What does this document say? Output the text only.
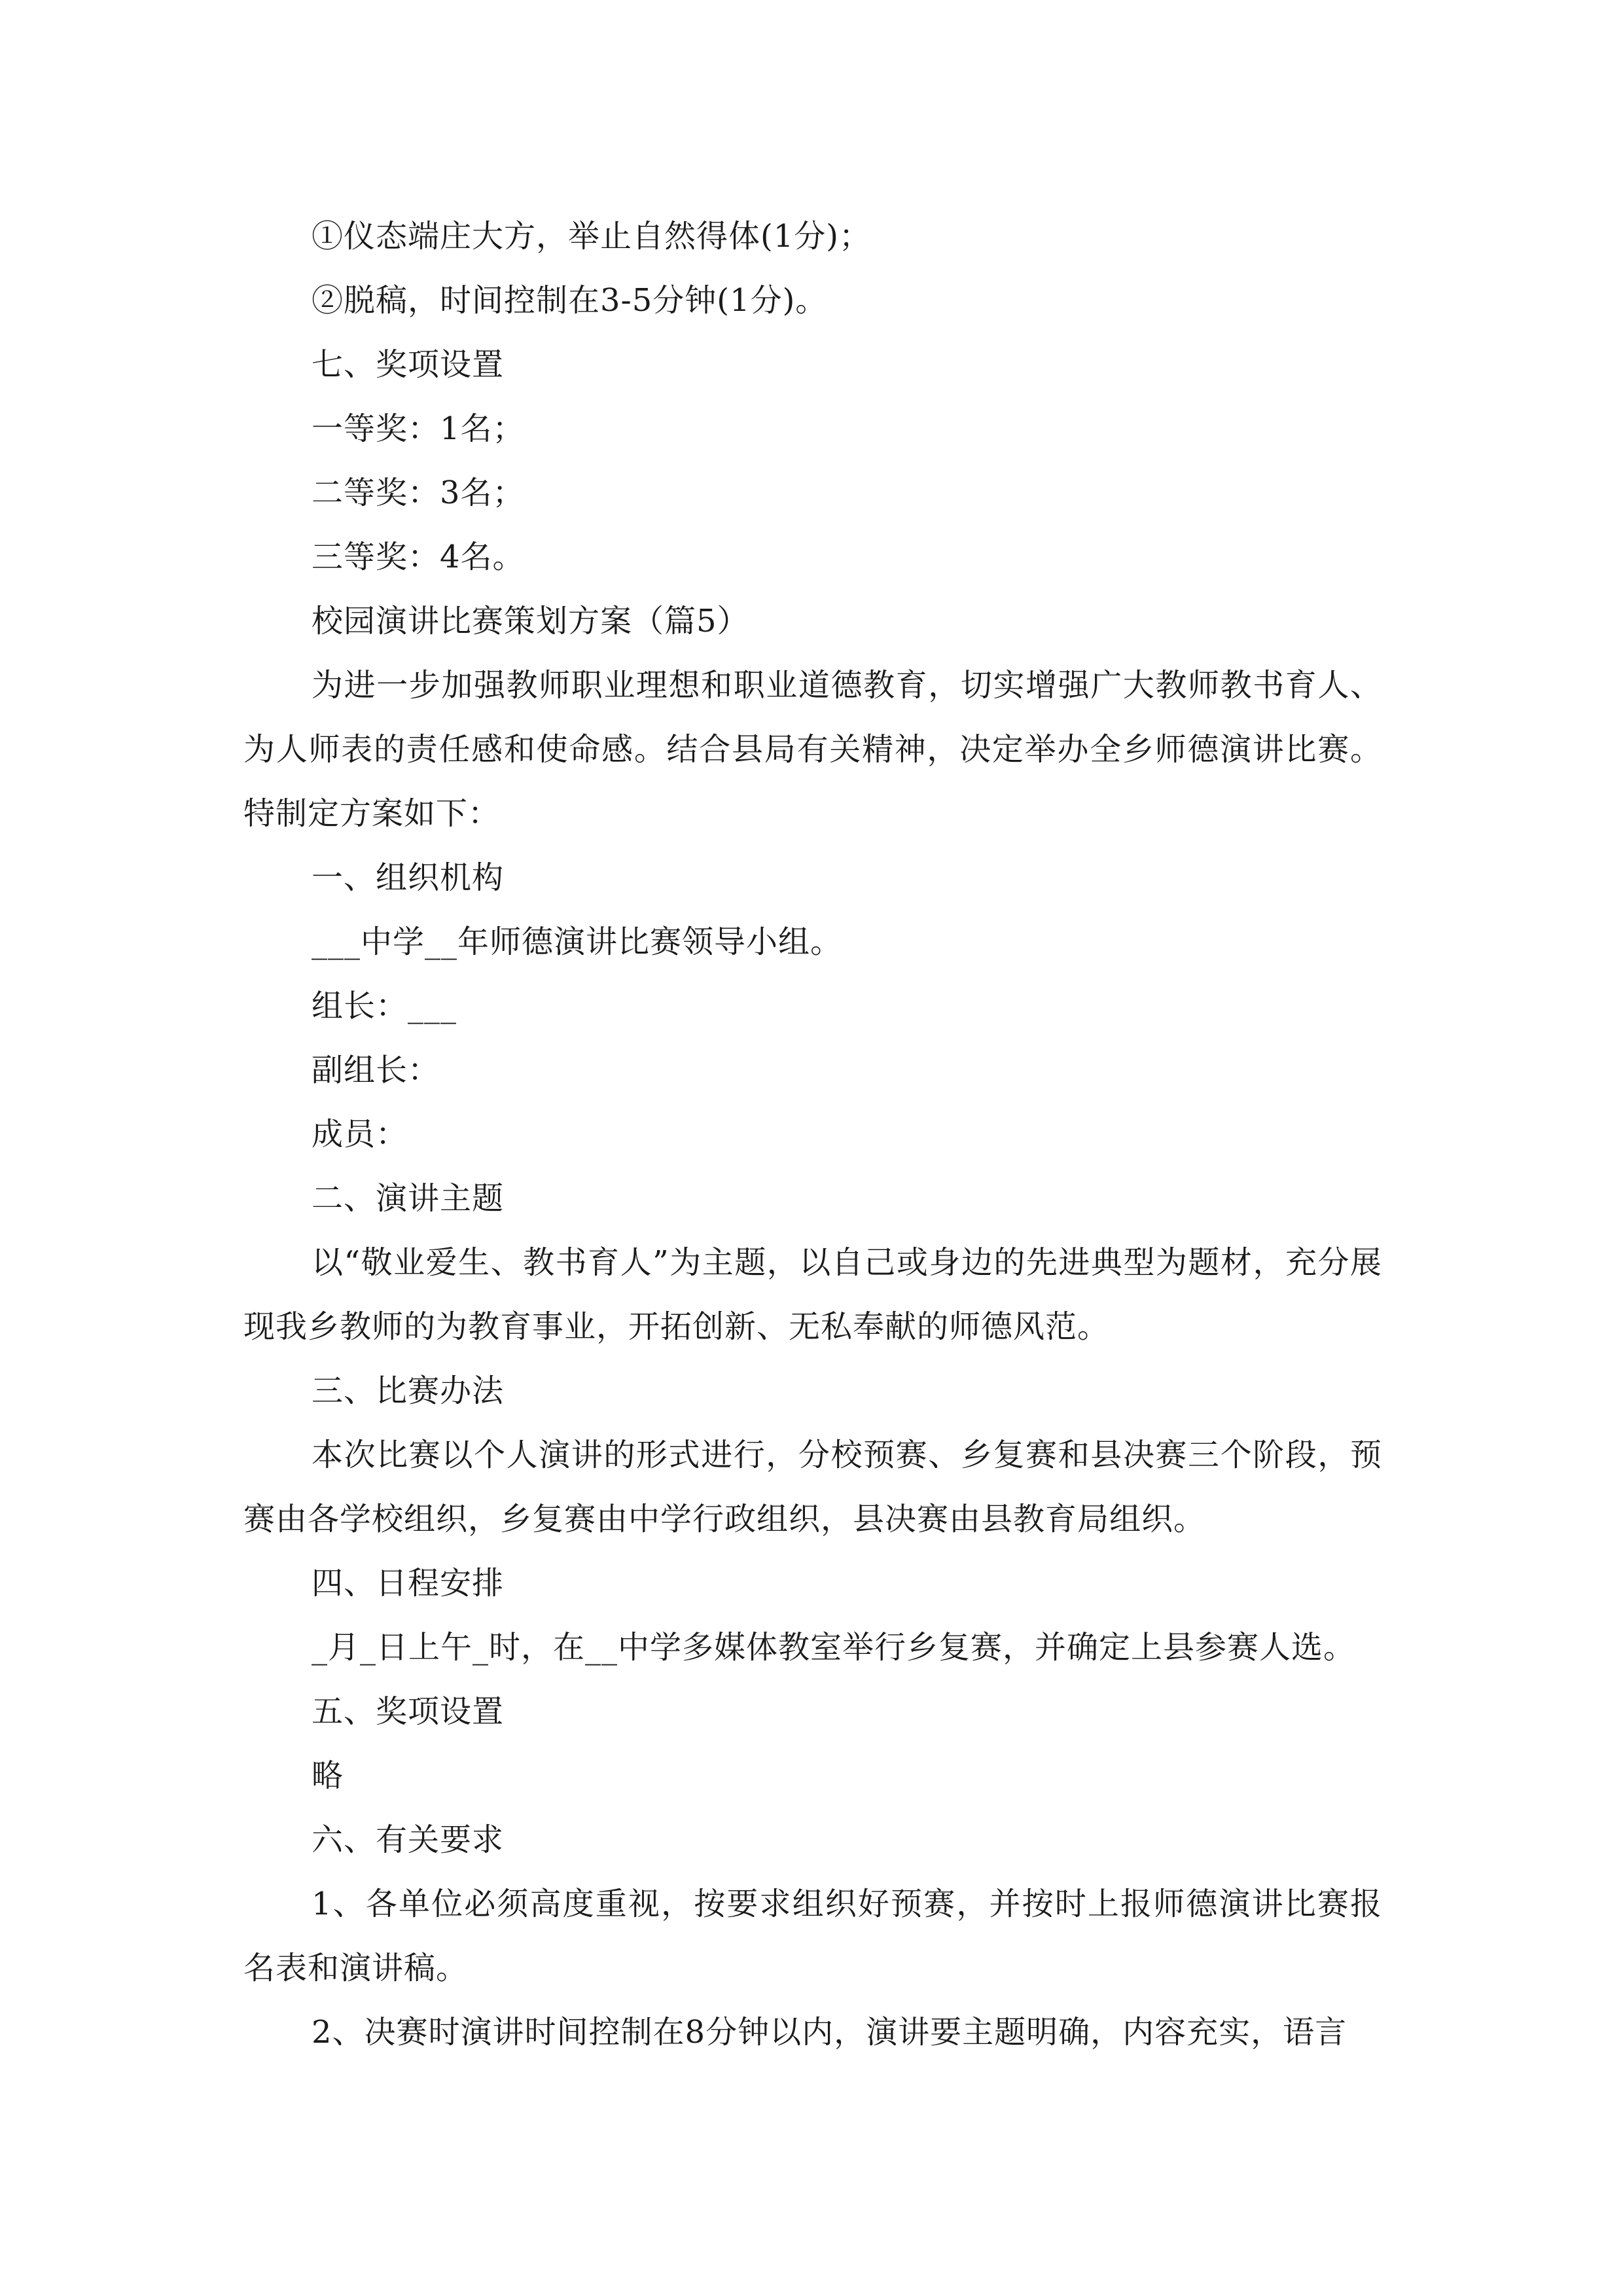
①仪态端庄大方，举止自然得体(1分)；
②脱稿，时间控制在3-5分钟(1分)。
七、奖项设置
一等奖：1名；
二等奖：3名；
三等奖：4名。
校园演讲比赛策划方案（篇5）
为进一步加强教师职业理想和职业道德教育，切实增强广大教师教书育人、为人师表的责任感和使命感。结合县局有关精神，决定举办全乡师德演讲比赛。特制定方案如下：
一、组织机构
___中学__年师德演讲比赛领导小组。
组长：___
副组长：
成员：
二、演讲主题
以“敬业爱生、教书育人”为主题，以自己或身边的先进典型为题材，充分展现我乡教师的为教育事业，开拓创新、无私奉献的师德风范。
三、比赛办法
本次比赛以个人演讲的形式进行，分校预赛、乡复赛和县决赛三个阶段，预赛由各学校组织，乡复赛由中学行政组织，县决赛由县教育局组织。
四、日程安排
_月_日上午_时，在__中学多媒体教室举行乡复赛，并确定上县参赛人选。
五、奖项设置
略
六、有关要求
1、各单位必须高度重视，按要求组织好预赛，并按时上报师德演讲比赛报名表和演讲稿。
2、决赛时演讲时间控制在8分钟以内，演讲要主题明确，内容充实，语言
